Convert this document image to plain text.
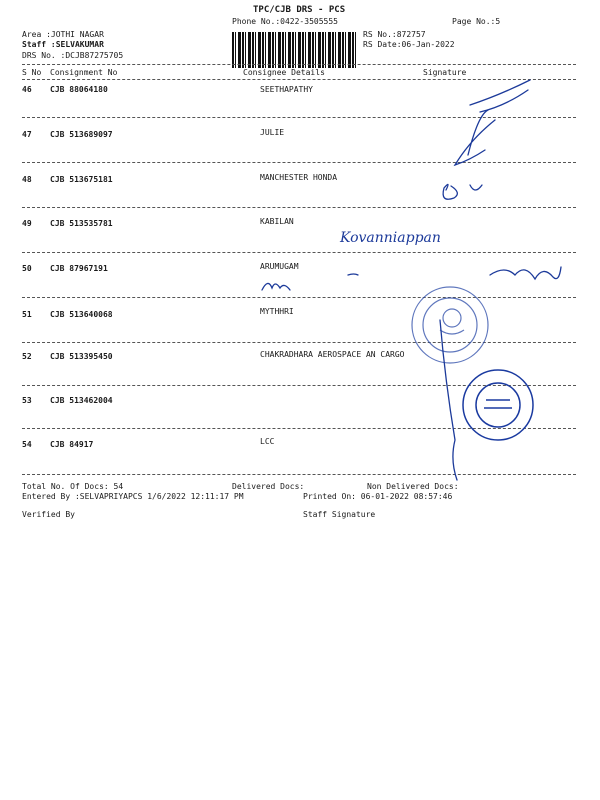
TPC/CJB DRS - PCS
Phone No.:0422-3505555	Page No.:5
Area :JOTHI NAGAR
Staff :SELVAKUMAR
DRS No. :DCJB87275705
RS No.:872757
RS Date:06-Jan-2022
S No Consignment No	Consignee Details	Signature
46 CJB 88064180	SEETHAPATHY
47 CJB 513689097	JULIE
48 CJB 513675181	MANCHESTER HONDA
49 CJB 513535781	KABILAN
Kovanniappan
50 CJB 87967191	ARUMUGAM
51 CJB 513640068	MYTHHRI
52 CJB 513395450	CHAKRADHARA AEROSPACE AN CARGO
53 CJB 513462004
54 CJB 84917	LCC
Total No. Of Docs: 54	Delivered Docs:	Non Delivered Docs:
Entered By :SELVAPRIYAPCS 1/6/2022 12:11:17 PM	Printed On: 06-01-2022 08:57:46
Verified By	Staff Signature
